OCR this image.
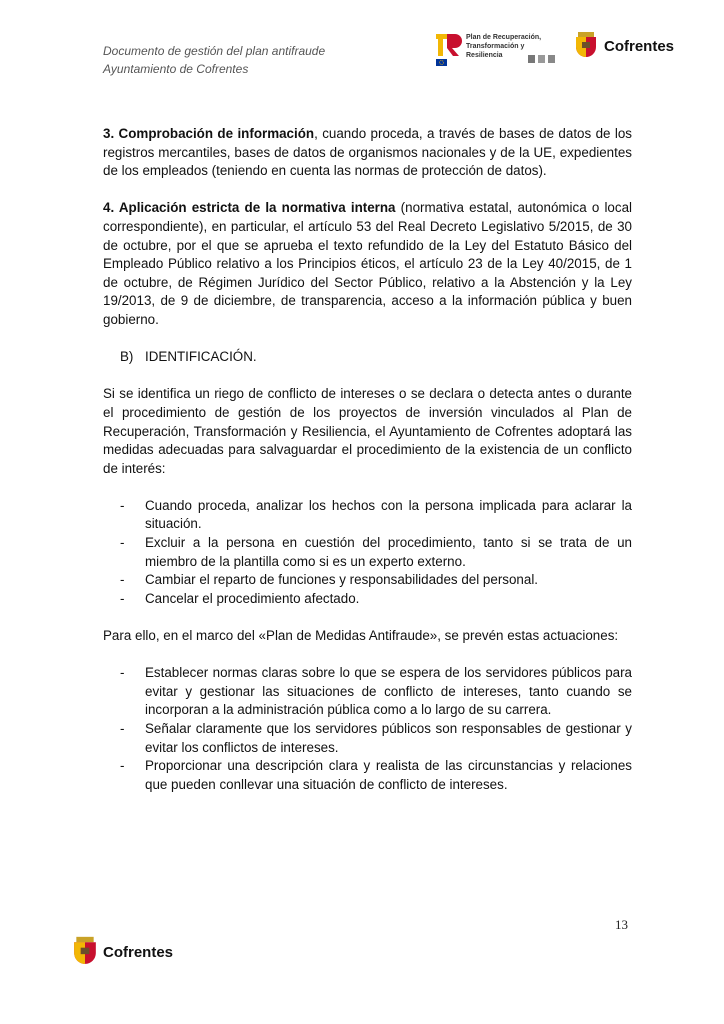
Documento de gestión del plan antifraude
Ayuntamiento de Cofrentes
Plan de Recuperación,
Transformación y Resiliencia
Cofrentes

3. Comprobación de información, cuando proceda, a través de bases de datos de los registros mercantiles, bases de datos de organismos nacionales y de la UE, expedientes de los empleados (teniendo en cuenta las normas de protección de datos).

4. Aplicación estricta de la normativa interna (normativa estatal, autonómica o local correspondiente), en particular, el artículo 53 del Real Decreto Legislativo 5/2015, de 30 de octubre, por el que se aprueba el texto refundido de la Ley del Estatuto Básico del Empleado Público relativo a los Principios éticos, el artículo 23 de la Ley 40/2015, de 1 de octubre, de Régimen Jurídico del Sector Público, relativo a la Abstención y la Ley 19/2013, de 9 de diciembre, de transparencia, acceso a la información pública y buen gobierno.

B) IDENTIFICACIÓN.

Si se identifica un riego de conflicto de intereses o se declara o detecta antes o durante el procedimiento de gestión de los proyectos de inversión vinculados al Plan de Recuperación, Transformación y Resiliencia, el Ayuntamiento de Cofrentes adoptará las medidas adecuadas para salvaguardar el procedimiento de la existencia de un conflicto de interés:

- Cuando proceda, analizar los hechos con la persona implicada para aclarar la situación.
- Excluir a la persona en cuestión del procedimiento, tanto si se trata de un miembro de la plantilla como si es un experto externo.
- Cambiar el reparto de funciones y responsabilidades del personal.
- Cancelar el procedimiento afectado.

Para ello, en el marco del «Plan de Medidas Antifraude», se prevén estas actuaciones:

- Establecer normas claras sobre lo que se espera de los servidores públicos para evitar y gestionar las situaciones de conflicto de intereses, tanto cuando se incorporan a la administración pública como a lo largo de su carrera.
- Señalar claramente que los servidores públicos son responsables de gestionar y evitar los conflictos de intereses.
- Proporcionar una descripción clara y realista de las circunstancias y relaciones que pueden conllevar una situación de conflicto de intereses.
13
Cofrentes
